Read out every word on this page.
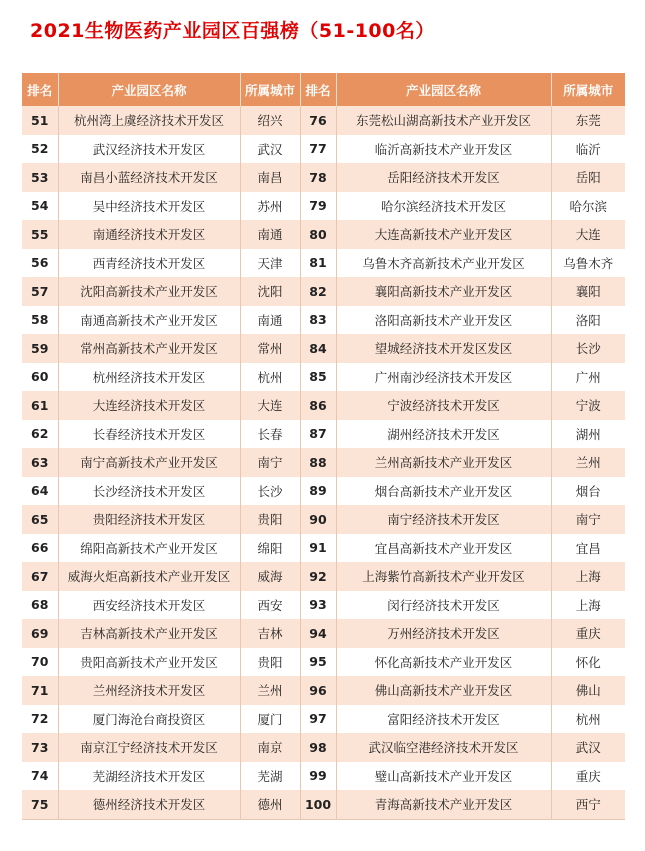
2021生物医药产业园区百强榜（51-100名）
排名	产业园区名称	所属城市	排名	产业园区名称	所属城市
51	杭州湾上虞经济技术开发区	绍兴	76	东莞松山湖高新技术产业开发区	东莞
52	武汉经济技术开发区	武汉	77	临沂高新技术产业开发区	临沂
53	南昌小蓝经济技术开发区	南昌	78	岳阳经济技术开发区	岳阳
54	吴中经济技术开发区	苏州	79	哈尔滨经济技术开发区	哈尔滨
55	南通经济技术开发区	南通	80	大连高新技术产业开发区	大连
56	西青经济技术开发区	天津	81	乌鲁木齐高新技术产业开发区	乌鲁木齐
57	沈阳高新技术产业开发区	沈阳	82	襄阳高新技术产业开发区	襄阳
58	南通高新技术产业开发区	南通	83	洛阳高新技术产业开发区	洛阳
59	常州高新技术产业开发区	常州	84	望城经济技术开发区发区	长沙
60	杭州经济技术开发区	杭州	85	广州南沙经济技术开发区	广州
61	大连经济技术开发区	大连	86	宁波经济技术开发区	宁波
62	长春经济技术开发区	长春	87	湖州经济技术开发区	湖州
63	南宁高新技术产业开发区	南宁	88	兰州高新技术产业开发区	兰州
64	长沙经济技术开发区	长沙	89	烟台高新技术产业开发区	烟台
65	贵阳经济技术开发区	贵阳	90	南宁经济技术开发区	南宁
66	绵阳高新技术产业开发区	绵阳	91	宜昌高新技术产业开发区	宜昌
67	威海火炬高新技术产业开发区	威海	92	上海紫竹高新技术产业开发区	上海
68	西安经济技术开发区	西安	93	闵行经济技术开发区	上海
69	吉林高新技术产业开发区	吉林	94	万州经济技术开发区	重庆
70	贵阳高新技术产业开发区	贵阳	95	怀化高新技术产业开发区	怀化
71	兰州经济技术开发区	兰州	96	佛山高新技术产业开发区	佛山
72	厦门海沧台商投资区	厦门	97	富阳经济技术开发区	杭州
73	南京江宁经济技术开发区	南京	98	武汉临空港经济技术开发区	武汉
74	芜湖经济技术开发区	芜湖	99	璧山高新技术产业开发区	重庆
75	德州经济技术开发区	德州	100	青海高新技术产业开发区	西宁
